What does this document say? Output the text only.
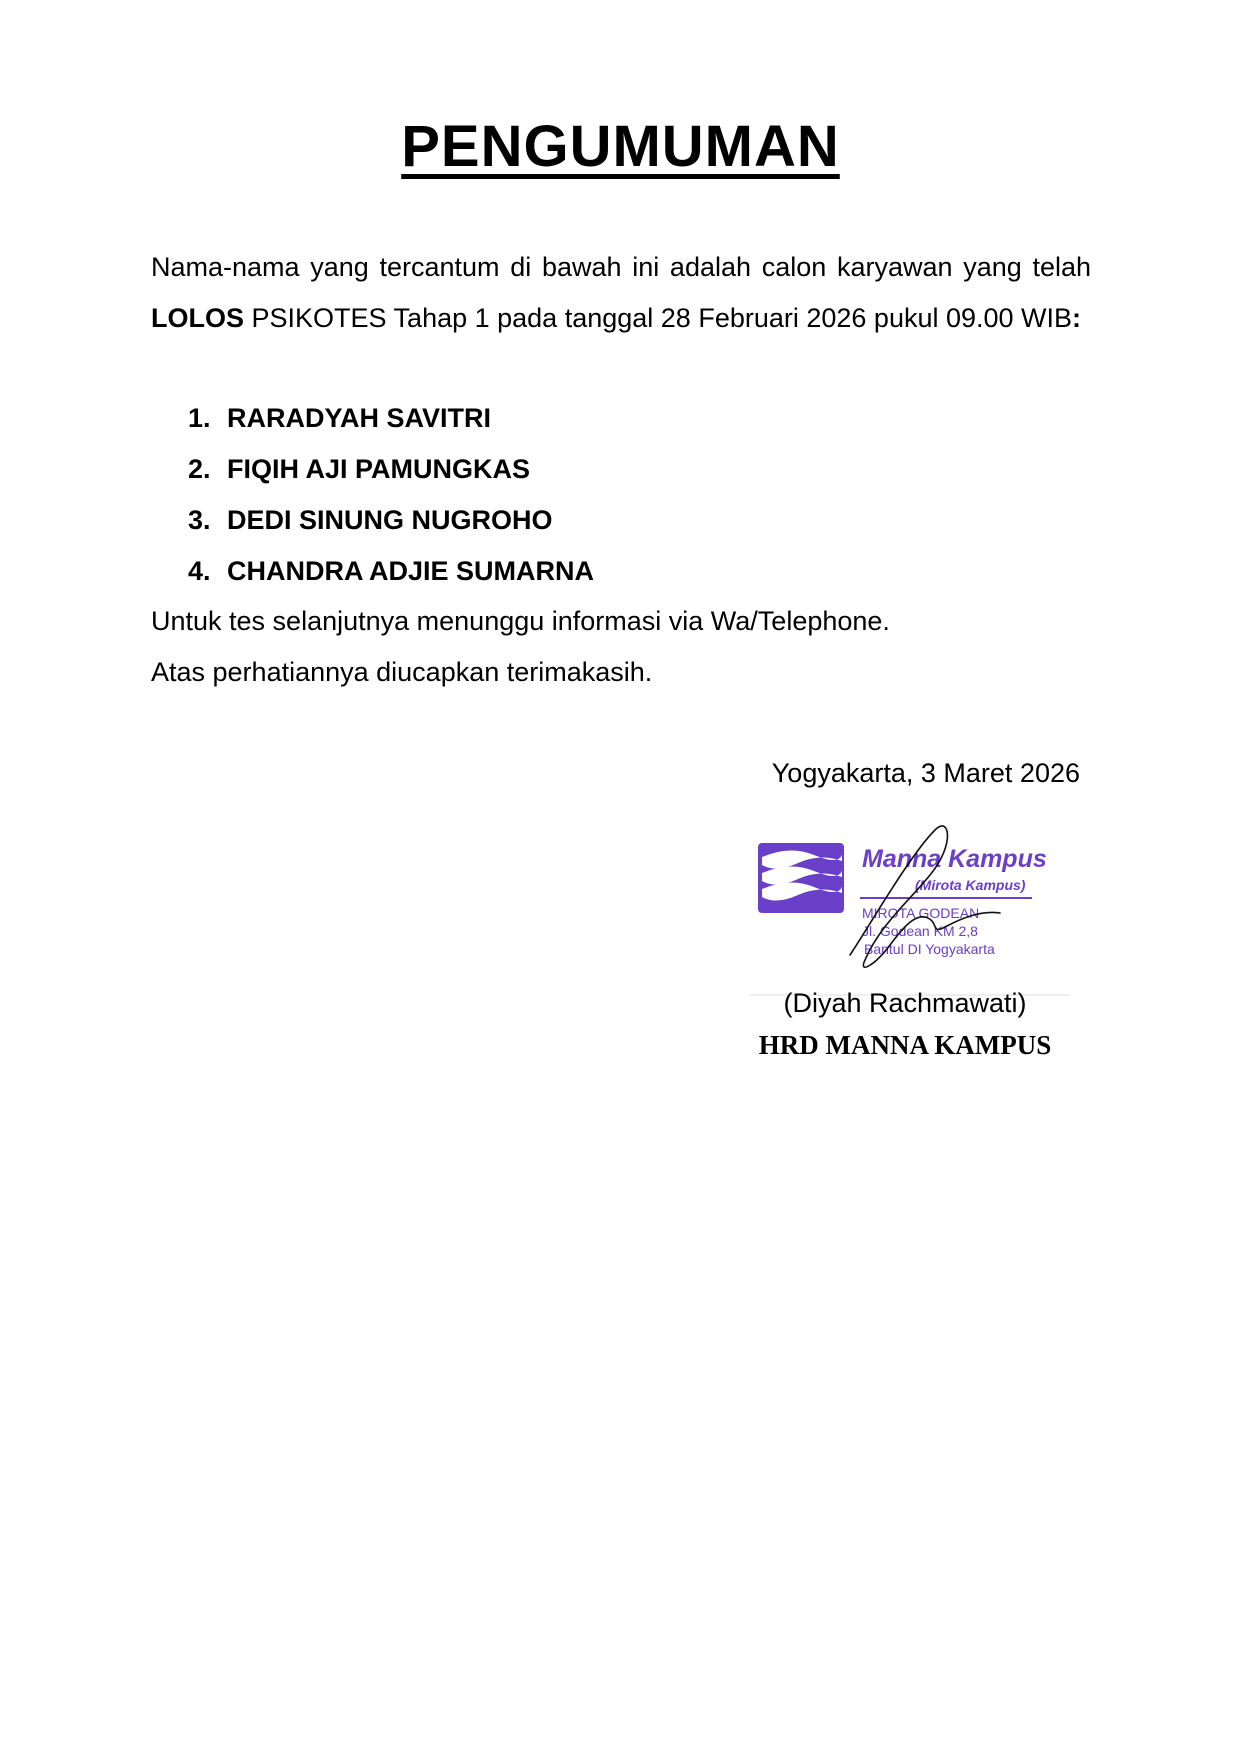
PENGUMUMAN

Nama-nama yang tercantum di bawah ini adalah calon karyawan yang telah LOLOS PSIKOTES Tahap 1 pada tanggal 28 Februari 2026 pukul 09.00 WIB:

1. RARADYAH SAVITRI
2. FIQIH AJI PAMUNGKAS
3. DEDI SINUNG NUGROHO
4. CHANDRA ADJIE SUMARNA

Untuk tes selanjutnya menunggu informasi via Wa/Telephone.

Atas perhatiannya diucapkan terimakasih.

Yogyakarta, 3 Maret 2026

Manna Kampus
(Mirota Kampus)
MIROTA GODEAN
Jl. Godean KM 2,8
Bantul DI Yogyakarta

(Diyah Rachmawati)

HRD MANNA KAMPUS
